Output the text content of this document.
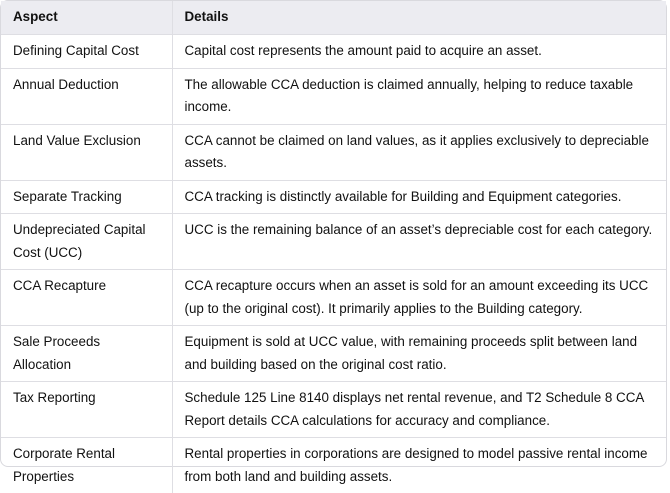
Aspect	Details
Defining Capital Cost	Capital cost represents the amount paid to acquire an asset.
Annual Deduction	The allowable CCA deduction is claimed annually, helping to reduce taxable income.
Land Value Exclusion	CCA cannot be claimed on land values, as it applies exclusively to depreciable assets.
Separate Tracking	CCA tracking is distinctly available for Building and Equipment categories.
Undepreciated Capital Cost (UCC)	UCC is the remaining balance of an asset’s depreciable cost for each category.
CCA Recapture	CCA recapture occurs when an asset is sold for an amount exceeding its UCC (up to the original cost). It primarily applies to the Building category.
Sale Proceeds Allocation	Equipment is sold at UCC value, with remaining proceeds split between land and building based on the original cost ratio.
Tax Reporting	Schedule 125 Line 8140 displays net rental revenue, and T2 Schedule 8 CCA Report details CCA calculations for accuracy and compliance.
Corporate Rental Properties	Rental properties in corporations are designed to model passive rental income from both land and building assets.
